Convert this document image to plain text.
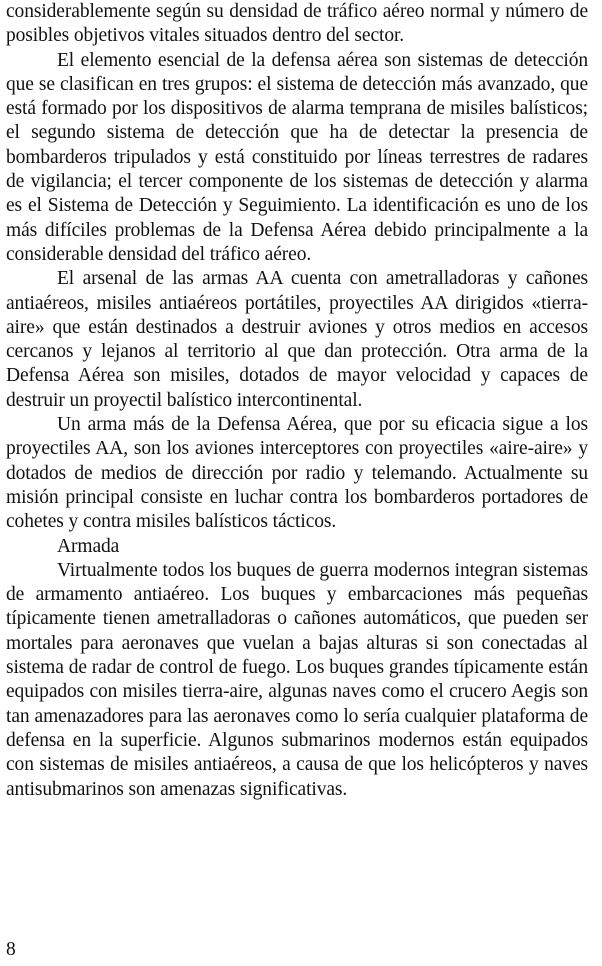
considerablemente según su densidad de tráfico aéreo normal y número de posibles objetivos vitales situados dentro del sector.

El elemento esencial de la defensa aérea son sistemas de detección que se clasifican en tres grupos: el sistema de detección más avanzado, que está formado por los dispositivos de alarma temprana de misiles balísticos; el segundo sistema de detección que ha de detectar la presencia de bombarderos tripulados y está constituido por líneas terrestres de radares de vigilancia; el tercer componente de los sistemas de detección y alarma es el Sistema de Detección y Seguimiento. La identificación es uno de los más difíciles problemas de la Defensa Aérea debido principalmente a la considerable densidad del tráfico aéreo.

El arsenal de las armas AA cuenta con ametralladoras y cañones antiaéreos, misiles antiaéreos portátiles, proyectiles AA dirigidos «tierra-aire» que están destinados a destruir aviones y otros medios en accesos cercanos y lejanos al territorio al que dan protección. Otra arma de la Defensa Aérea son misiles, dotados de mayor velocidad y capaces de destruir un proyectil balístico intercontinental.

Un arma más de la Defensa Aérea, que por su eficacia sigue a los proyectiles AA, son los aviones interceptores con proyectiles «aire-aire» y dotados de medios de dirección por radio y telemando. Actualmente su misión principal consiste en luchar contra los bombarderos portadores de cohetes y contra misiles balísticos tácticos.

Armada

Virtualmente todos los buques de guerra modernos integran sistemas de armamento antiaéreo. Los buques y embarcaciones más pequeñas típicamente tienen ametralladoras o cañones automáticos, que pueden ser mortales para aeronaves que vuelan a bajas alturas si son conectadas al sistema de radar de control de fuego. Los buques grandes típicamente están equipados con misiles tierra-aire, algunas naves como el crucero Aegis son tan amenazadores para las aeronaves como lo sería cualquier plataforma de defensa en la superficie. Algunos submarinos modernos están equipados con sistemas de misiles antiaéreos, a causa de que los helicópteros y naves antisubmarinos son amenazas significativas.

8
